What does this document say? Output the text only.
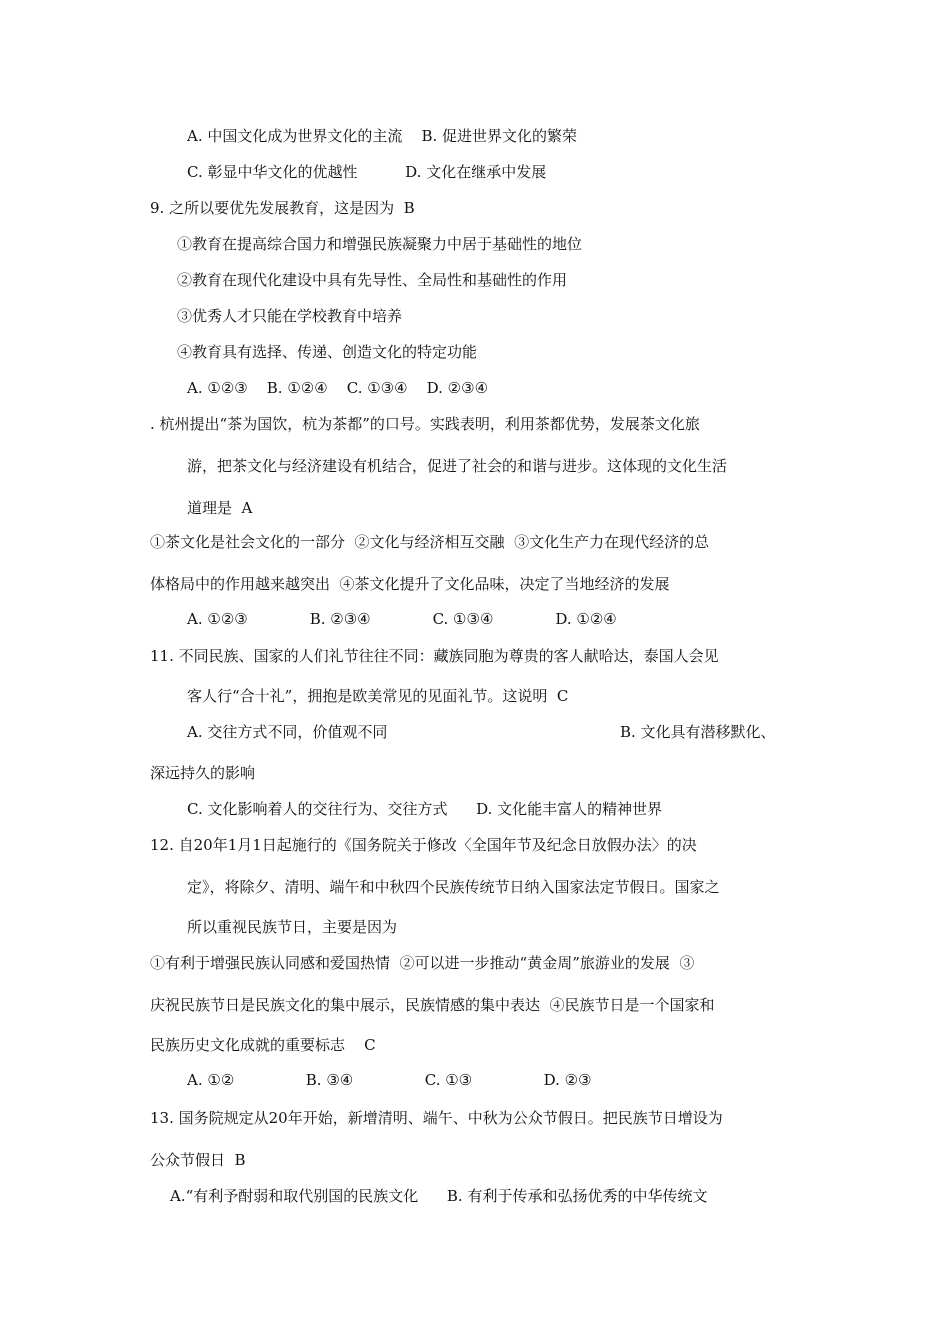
A. 中国文化成为世界文化的主流    B. 促进世界文化的繁荣
C. 彰显中华文化的优越性          D. 文化在继承中发展
9. 之所以要优先发展教育，这是因为  B
①教育在提高综合国力和增强民族凝聚力中居于基础性的地位
②教育在现代化建设中具有先导性、全局性和基础性的作用
③优秀人才只能在学校教育中培养
④教育具有选择、传递、创造文化的特定功能
A. ①②③    B. ①②④    C. ①③④    D. ②③④
. 杭州提出“茶为国饮，杭为茶都”的口号。实践表明，利用茶都优势，发展茶文化旅
游，把茶文化与经济建设有机结合，促进了社会的和谐与进步。这体现的文化生活
道理是  A
①茶文化是社会文化的一部分  ②文化与经济相互交融  ③文化生产力在现代经济的总
体格局中的作用越来越突出  ④茶文化提升了文化品味，决定了当地经济的发展
A. ①②③             B. ②③④             C. ①③④             D. ①②④
11. 不同民族、国家的人们礼节往往不同：藏族同胞为尊贵的客人献哈达，泰国人会见
客人行“合十礼”，拥抱是欧美常见的见面礼节。这说明  C
A. 交往方式不同，价值观不同	B. 文化具有潜移默化、
深远持久的影响
C. 文化影响着人的交往行为、交往方式      D. 文化能丰富人的精神世界
12. 自20年1月1日起施行的《国务院关于修改〈全国年节及纪念日放假办法〉的决
定》，将除夕、清明、端午和中秋四个民族传统节日纳入国家法定节假日。国家之
所以重视民族节日，主要是因为
①有利于增强民族认同感和爱国热情  ②可以进一步推动“黄金周”旅游业的发展  ③
庆祝民族节日是民族文化的集中展示，民族情感的集中表达  ④民族节日是一个国家和
民族历史文化成就的重要标志    C
A. ①②               B. ③④               C. ①③               D. ②③
13. 国务院规定从20年开始，新增清明、端午、中秋为公众节假日。把民族节日增设为
公众节假日  B
A.“有利予酎弱和取代别国的民族文化      B. 有利于传承和弘扬优秀的中华传统文
